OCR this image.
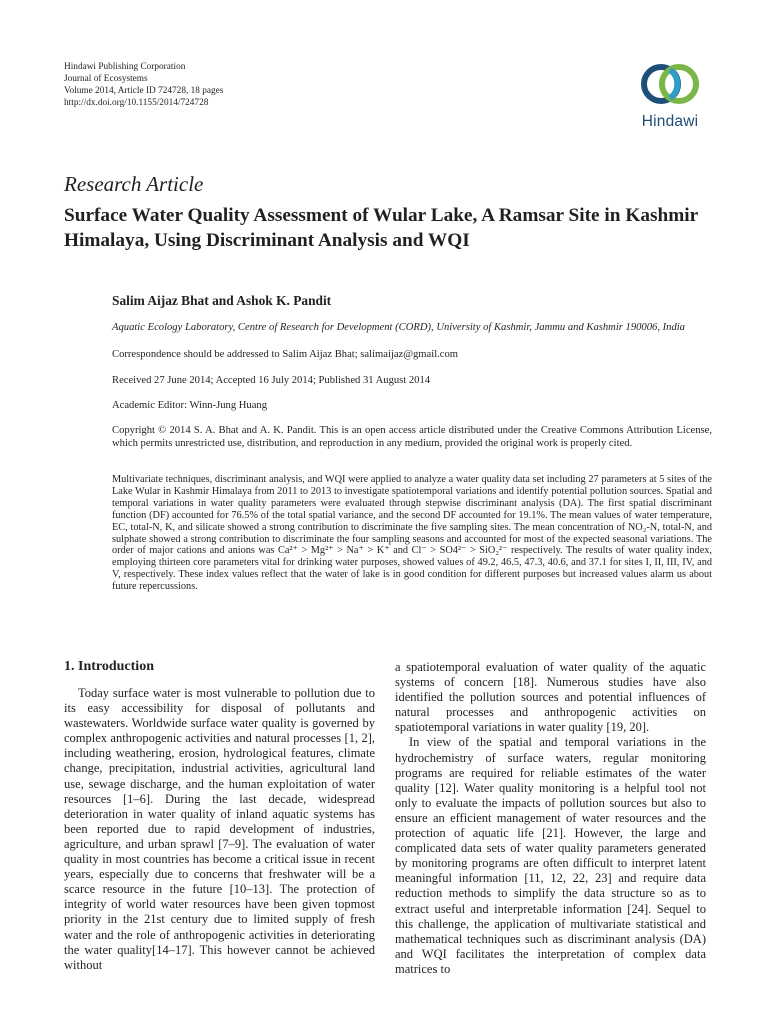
Hindawi Publishing Corporation
Journal of Ecosystems
Volume 2014, Article ID 724728, 18 pages
http://dx.doi.org/10.1155/2014/724728
Hindawi
Research Article
Surface Water Quality Assessment of Wular Lake, A Ramsar Site in Kashmir Himalaya, Using Discriminant Analysis and WQI
Salim Aijaz Bhat and Ashok K. Pandit
Aquatic Ecology Laboratory, Centre of Research for Development (CORD), University of Kashmir, Jammu and Kashmir 190006, India
Correspondence should be addressed to Salim Aijaz Bhat; salimaijaz@gmail.com
Received 27 June 2014; Accepted 16 July 2014; Published 31 August 2014
Academic Editor: Winn-Jung Huang
Copyright © 2014 S. A. Bhat and A. K. Pandit. This is an open access article distributed under the Creative Commons Attribution License, which permits unrestricted use, distribution, and reproduction in any medium, provided the original work is properly cited.
Multivariate techniques, discriminant analysis, and WQI were applied to analyze a water quality data set including 27 parameters at 5 sites of the Lake Wular in Kashmir Himalaya from 2011 to 2013 to investigate spatiotemporal variations and identify potential pollution sources. Spatial and temporal variations in water quality parameters were evaluated through stepwise discriminant analysis (DA). The first spatial discriminant function (DF) accounted for 76.5% of the total spatial variance, and the second DF accounted for 19.1%. The mean values of water temperature, EC, total-N, K, and silicate showed a strong contribution to discriminate the five sampling sites. The mean concentration of NO₂-N, total-N, and sulphate showed a strong contribution to discriminate the four sampling seasons and accounted for most of the expected seasonal variations. The order of major cations and anions was Ca²⁺ > Mg²⁺ > Na⁺ > K⁺ and Cl⁻ > SO4²⁻ > SiO₂²⁻ respectively. The results of water quality index, employing thirteen core parameters vital for drinking water purposes, showed values of 49.2, 46.5, 47.3, 40.6, and 37.1 for sites I, II, III, IV, and V, respectively. These index values reflect that the water of lake is in good condition for different purposes but increased values alarm us about future repercussions.
1. Introduction

Today surface water is most vulnerable to pollution due to its easy accessibility for disposal of pollutants and wastewaters. Worldwide surface water quality is governed by complex anthropogenic activities and natural processes [1, 2], including weathering, erosion, hydrological features, climate change, precipitation, industrial activities, agricultural land use, sewage discharge, and the human exploitation of water resources [1–6]. During the last decade, widespread deterioration in water quality of inland aquatic systems has been reported due to rapid development of industries, agriculture, and urban sprawl [7–9]. The evaluation of water quality in most countries has become a critical issue in recent years, especially due to concerns that freshwater will be a scarce resource in the future [10–13]. The protection of integrity of world water resources have been given topmost priority in the 21st century due to limited supply of fresh water and the role of anthropogenic activities in deteriorating the water quality[14–17]. This however cannot be achieved without

a spatiotemporal evaluation of water quality of the aquatic systems of concern [18]. Numerous studies have also identified the pollution sources and potential influences of natural processes and anthropogenic activities on spatiotemporal variations in water quality [19, 20].

In view of the spatial and temporal variations in the hydrochemistry of surface waters, regular monitoring programs are required for reliable estimates of the water quality [12]. Water quality monitoring is a helpful tool not only to evaluate the impacts of pollution sources but also to ensure an efficient management of water resources and the protection of aquatic life [21]. However, the large and complicated data sets of water quality parameters generated by monitoring programs are often difficult to interpret latent meaningful information [11, 12, 22, 23] and require data reduction methods to simplify the data structure so as to extract useful and interpretable information [24]. Sequel to this challenge, the application of multivariate statistical and mathematical techniques such as discriminant analysis (DA) and WQI facilitates the interpretation of complex data matrices to
